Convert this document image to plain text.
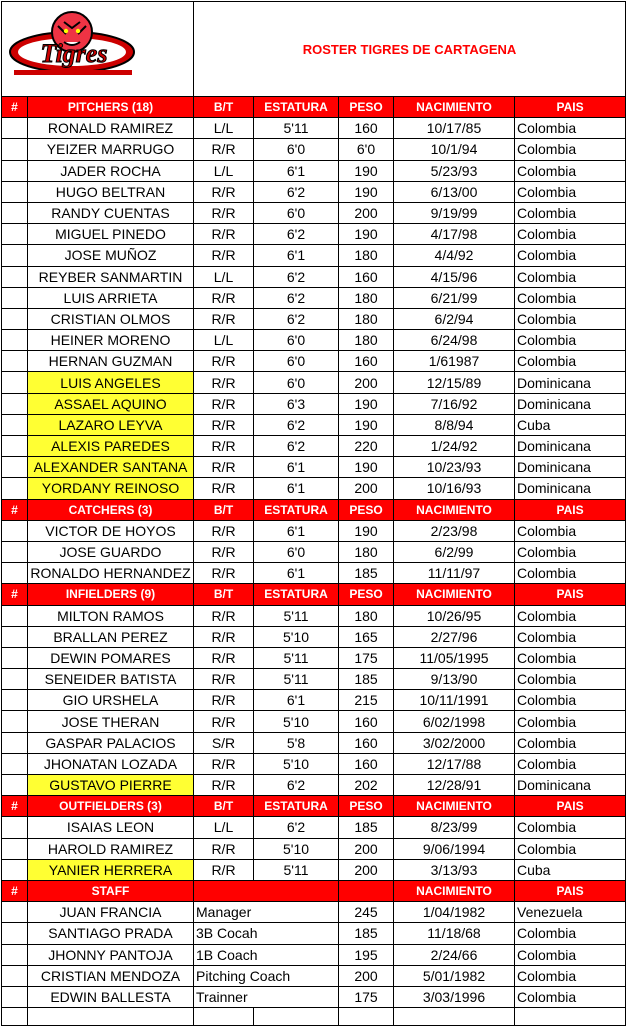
Tigres		ROSTER TIGRES DE CARTAGENA				
#	PITCHERS (18)	B/T	ESTATURA	PESO	NACIMIENTO	PAIS
	RONALD RAMIREZ	L/L	5'11	160	10/17/85	Colombia
	YEIZER MARRUGO	R/R	6'0	6'0	10/1/94	Colombia
	JADER ROCHA	L/L	6'1	190	5/23/93	Colombia
	HUGO BELTRAN	R/R	6'2	190	6/13/00	Colombia
	RANDY CUENTAS	R/R	6'0	200	9/19/99	Colombia
	MIGUEL PINEDO	R/R	6'2	190	4/17/98	Colombia
	JOSE MUÑOZ	R/R	6'1	180	4/4/92	Colombia
	REYBER SANMARTIN	L/L	6'2	160	4/15/96	Colombia
	LUIS ARRIETA	R/R	6'2	180	6/21/99	Colombia
	CRISTIAN OLMOS	R/R	6'2	180	6/2/94	Colombia
	HEINER MORENO	L/L	6'0	180	6/24/98	Colombia
	HERNAN GUZMAN	R/R	6'0	160	1/61987	Colombia
	LUIS ANGELES	R/R	6'0	200	12/15/89	Dominicana
	ASSAEL AQUINO	R/R	6'3	190	7/16/92	Dominicana
	LAZARO LEYVA	R/R	6'2	190	8/8/94	Cuba
	ALEXIS PAREDES	R/R	6'2	220	1/24/92	Dominicana
	ALEXANDER SANTANA	R/R	6'1	190	10/23/93	Dominicana
	YORDANY REINOSO	R/R	6'1	200	10/16/93	Dominicana
#	CATCHERS (3)	B/T	ESTATURA	PESO	NACIMIENTO	PAIS
	VICTOR DE HOYOS	R/R	6'1	190	2/23/98	Colombia
	JOSE GUARDO	R/R	6'0	180	6/2/99	Colombia
	RONALDO HERNANDEZ	R/R	6'1	185	11/11/97	Colombia
#	INFIELDERS (9)	B/T	ESTATURA	PESO	NACIMIENTO	PAIS
	MILTON RAMOS	R/R	5'11	180	10/26/95	Colombia
	BRALLAN PEREZ	R/R	5'10	165	2/27/96	Colombia
	DEWIN POMARES	R/R	5'11	175	11/05/1995	Colombia
	SENEIDER BATISTA	R/R	5'11	185	9/13/90	Colombia
	GIO URSHELA	R/R	6'1	215	10/11/1991	Colombia
	JOSE THERAN	R/R	5'10	160	6/02/1998	Colombia
	GASPAR PALACIOS	S/R	5'8	160	3/02/2000	Colombia
	JHONATAN LOZADA	R/R	5'10	160	12/17/88	Colombia
	GUSTAVO PIERRE	R/R	6'2	202	12/28/91	Dominicana
#	OUTFIELDERS (3)	B/T	ESTATURA	PESO	NACIMIENTO	PAIS
	ISAIAS LEON	L/L	6'2	185	8/23/99	Colombia
	HAROLD RAMIREZ	R/R	5'10	200	9/06/1994	Colombia
	YANIER HERRERA	R/R	5'11	200	3/13/93	Cuba
#	STAFF				NACIMIENTO	PAIS
	JUAN FRANCIA	Manager		245	1/04/1982	Venezuela
	SANTIAGO PRADA	3B Cocah		185	11/18/68	Colombia
	JHONNY PANTOJA	1B Coach		195	2/24/66	Colombia
	CRISTIAN MENDOZA	Pitching Coach		200	5/01/1982	Colombia
	EDWIN BALLESTA	Trainner		175	3/03/1996	Colombia
